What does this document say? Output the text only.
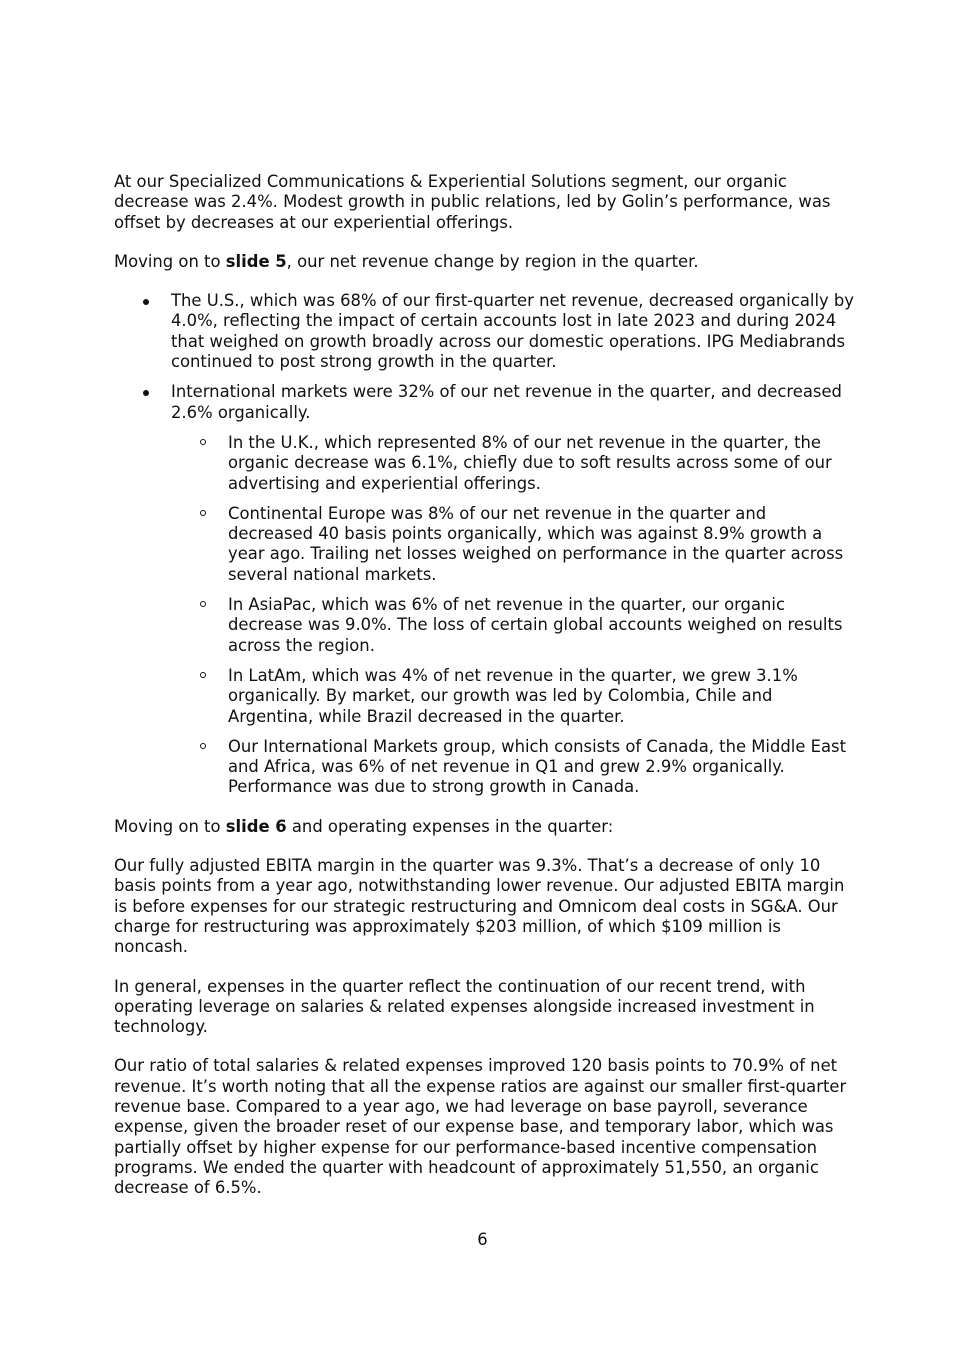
At our Specialized Communications & Experiential Solutions segment, our organic decrease was 2.4%. Modest growth in public relations, led by Golin’s performance, was offset by decreases at our experiential offerings.

Moving on to slide 5, our net revenue change by region in the quarter.

The U.S., which was 68% of our first-quarter net revenue, decreased organically by 4.0%, reflecting the impact of certain accounts lost in late 2023 and during 2024 that weighed on growth broadly across our domestic operations. IPG Mediabrands continued to post strong growth in the quarter.
International markets were 32% of our net revenue in the quarter, and decreased 2.6% organically.
In the U.K., which represented 8% of our net revenue in the quarter, the organic decrease was 6.1%, chiefly due to soft results across some of our advertising and experiential offerings.
Continental Europe was 8% of our net revenue in the quarter and decreased 40 basis points organically, which was against 8.9% growth a year ago. Trailing net losses weighed on performance in the quarter across several national markets.
In AsiaPac, which was 6% of net revenue in the quarter, our organic decrease was 9.0%. The loss of certain global accounts weighed on results across the region.
In LatAm, which was 4% of net revenue in the quarter, we grew 3.1% organically. By market, our growth was led by Colombia, Chile and Argentina, while Brazil decreased in the quarter.
Our International Markets group, which consists of Canada, the Middle East and Africa, was 6% of net revenue in Q1 and grew 2.9% organically. Performance was due to strong growth in Canada.

Moving on to slide 6 and operating expenses in the quarter:

Our fully adjusted EBITA margin in the quarter was 9.3%. That’s a decrease of only 10 basis points from a year ago, notwithstanding lower revenue. Our adjusted EBITA margin is before expenses for our strategic restructuring and Omnicom deal costs in SG&A. Our charge for restructuring was approximately $203 million, of which $109 million is noncash.

In general, expenses in the quarter reflect the continuation of our recent trend, with operating leverage on salaries & related expenses alongside increased investment in technology.

Our ratio of total salaries & related expenses improved 120 basis points to 70.9% of net revenue. It’s worth noting that all the expense ratios are against our smaller first-quarter revenue base. Compared to a year ago, we had leverage on base payroll, severance expense, given the broader reset of our expense base, and temporary labor, which was partially offset by higher expense for our performance-based incentive compensation programs. We ended the quarter with headcount of approximately 51,550, an organic decrease of 6.5%.

6
